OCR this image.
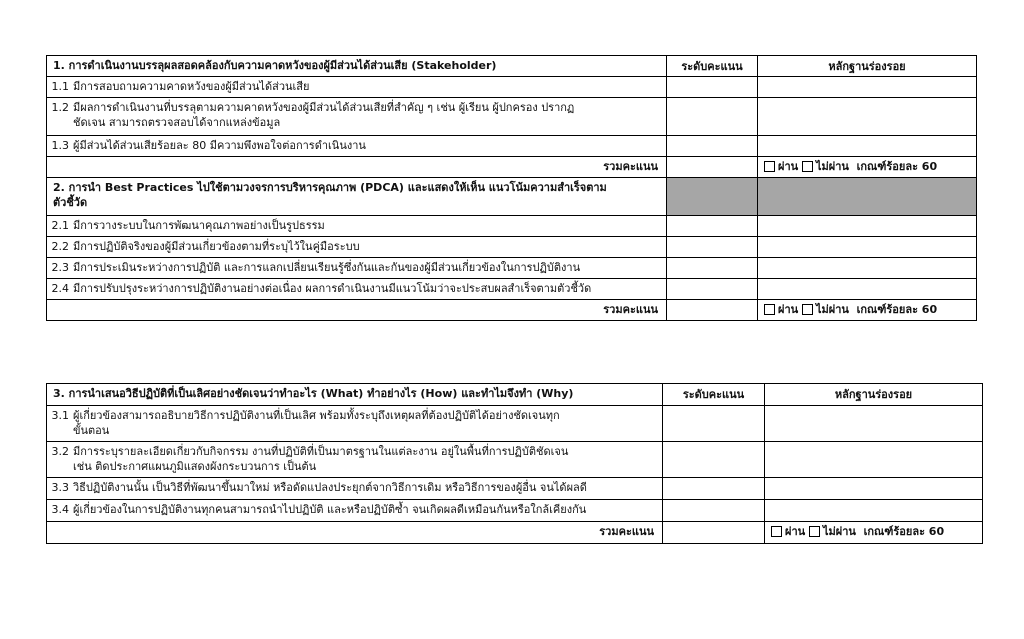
1. การดำเนินงานบรรลุผลสอดคล้องกับความคาดหวังของผู้มีส่วนได้ส่วนเสีย (Stakeholder)	ระดับคะแนน	หลักฐานร่องรอย
1.1 มีการสอบถามความคาดหวังของผู้มีส่วนได้ส่วนเสีย		
1.2 มีผลการดำเนินงานที่บรรลุตามความคาดหวังของผู้มีส่วนได้ส่วนเสียที่สำคัญ ๆ เช่น ผู้เรียน ผู้ปกครอง ปรากฏ
ชัดเจน สามารถตรวจสอบได้จากแหล่งข้อมูล		
1.3 ผู้มีส่วนได้ส่วนเสียร้อยละ 80 มีความพึงพอใจต่อการดำเนินงาน		
รวมคะแนน		ผ่าน ไม่ผ่าน เกณฑ์ร้อยละ 60
2. การนำ Best Practices ไปใช้ตามวงจรการบริหารคุณภาพ (PDCA) และแสดงให้เห็น แนวโน้มความสำเร็จตาม
ตัวชี้วัด		
2.1 มีการวางระบบในการพัฒนาคุณภาพอย่างเป็นรูปธรรม		
2.2 มีการปฏิบัติจริงของผู้มีส่วนเกี่ยวข้องตามที่ระบุไว้ในคู่มือระบบ		
2.3 มีการประเมินระหว่างการปฏิบัติ และการแลกเปลี่ยนเรียนรู้ซึ่งกันและกันของผู้มีส่วนเกี่ยวข้องในการปฏิบัติงาน		
2.4 มีการปรับปรุงระหว่างการปฏิบัติงานอย่างต่อเนื่อง ผลการดำเนินงานมีแนวโน้มว่าจะประสบผลสำเร็จตามตัวชี้วัด		
รวมคะแนน		ผ่าน ไม่ผ่าน เกณฑ์ร้อยละ 60
3. การนำเสนอวิธีปฏิบัติที่เป็นเลิศอย่างชัดเจนว่าทำอะไร (What) ทำอย่างไร (How) และทำไมจึงทำ (Why)	ระดับคะแนน	หลักฐานร่องรอย
3.1 ผู้เกี่ยวข้องสามารถอธิบายวิธีการปฏิบัติงานที่เป็นเลิศ พร้อมทั้งระบุถึงเหตุผลที่ต้องปฏิบัติได้อย่างชัดเจนทุก
ขั้นตอน		
3.2 มีการระบุรายละเอียดเกี่ยวกับกิจกรรม งานที่ปฏิบัติที่เป็นมาตรฐานในแต่ละงาน อยู่ในพื้นที่การปฏิบัติชัดเจน
เช่น ติดประกาศแผนภูมิแสดงผังกระบวนการ เป็นต้น		
3.3 วิธีปฏิบัติงานนั้น เป็นวิธีที่พัฒนาขึ้นมาใหม่ หรือดัดแปลงประยุกต์จากวิธีการเดิม หรือวิธีการของผู้อื่น จนได้ผลดี		
3.4 ผู้เกี่ยวข้องในการปฏิบัติงานทุกคนสามารถนำไปปฏิบัติ และหรือปฏิบัติซ้ำ จนเกิดผลดีเหมือนกันหรือใกล้เคียงกัน		
รวมคะแนน		ผ่าน ไม่ผ่าน เกณฑ์ร้อยละ 60
